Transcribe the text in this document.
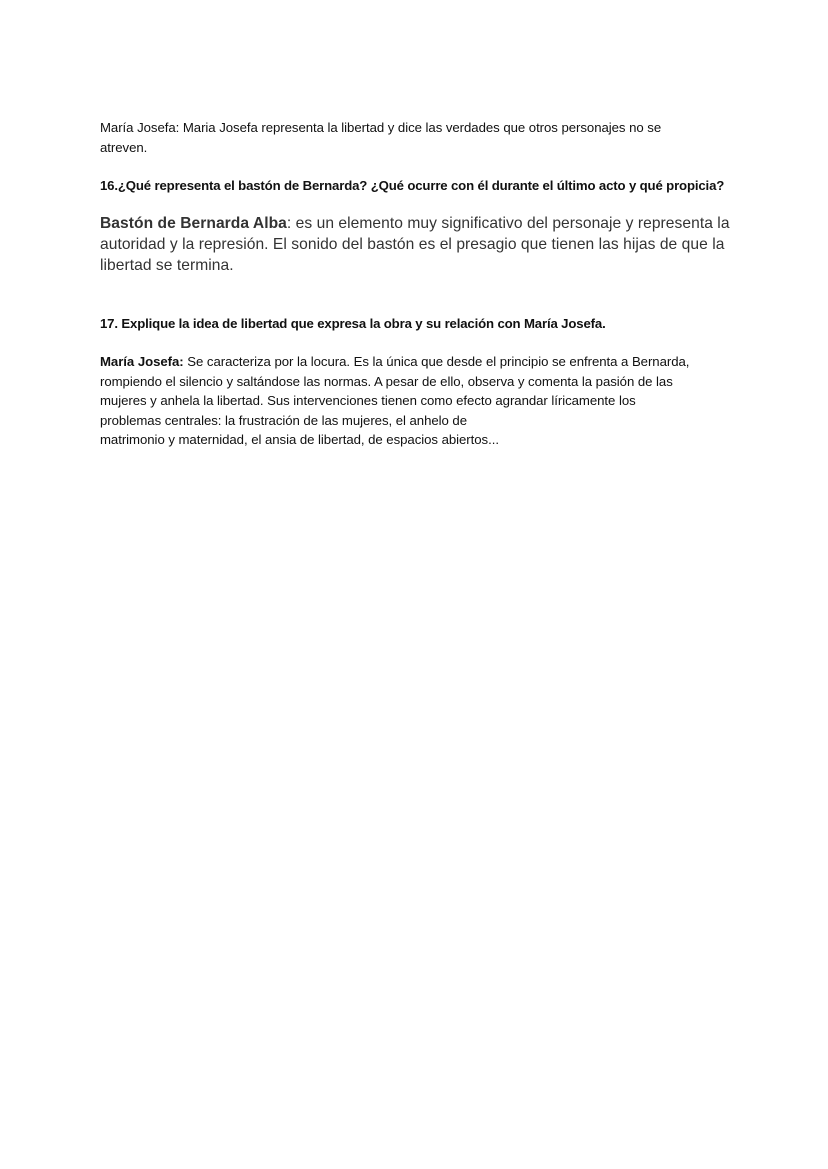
María Josefa: Maria Josefa representa la libertad y dice las verdades que otros personajes no se
atreven.

16.¿Qué representa el bastón de Bernarda? ¿Qué ocurre con él durante el último acto y qué propicia?

Bastón de Bernarda Alba: es un elemento muy significativo del personaje y representa la
autoridad y la represión. El sonido del bastón es el presagio que tienen las hijas de que la
libertad se termina.

17. Explique la idea de libertad que expresa la obra y su relación con María Josefa.

María Josefa: Se caracteriza por la locura. Es la única que desde el principio se enfrenta a Bernarda,
rompiendo el silencio y saltándose las normas. A pesar de ello, observa y comenta la pasión de las
mujeres y anhela la libertad. Sus intervenciones tienen como efecto agrandar líricamente los
problemas centrales: la frustración de las mujeres, el anhelo de
matrimonio y maternidad, el ansia de libertad, de espacios abiertos...
